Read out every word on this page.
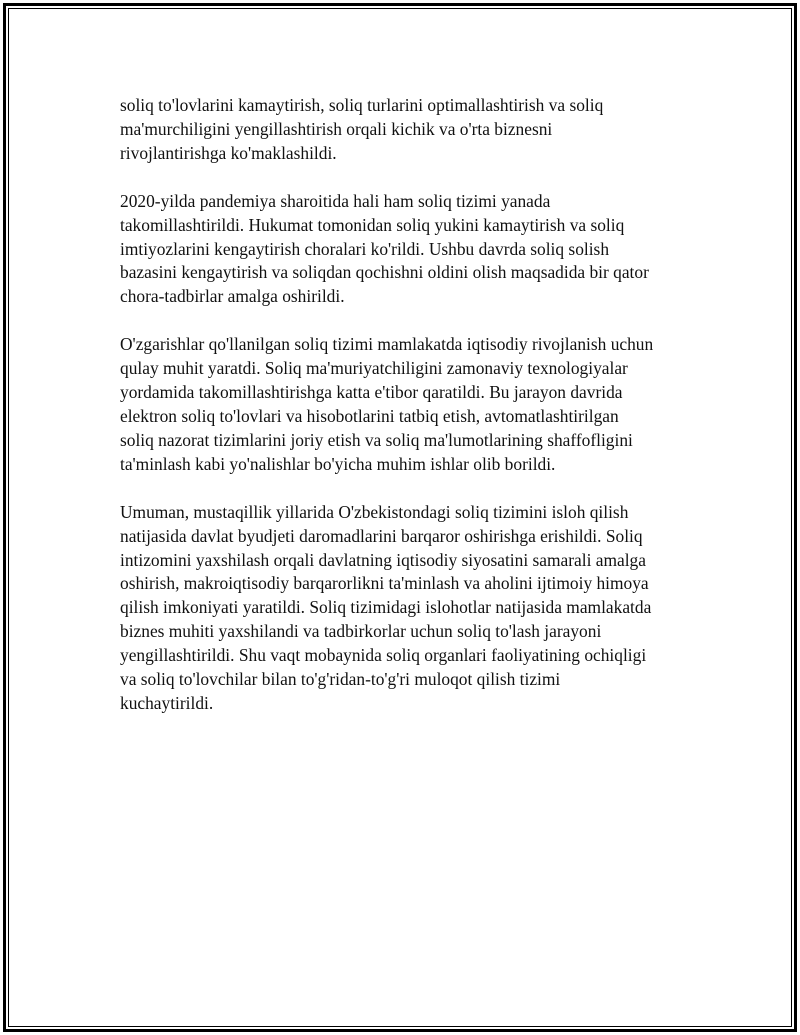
soliq to'lovlarini kamaytirish, soliq turlarini optimallashtirish va soliq
ma'murchiligini yengillashtirish orqali kichik va o'rta biznesni
rivojlantirishga ko'maklashildi.

2020-yilda pandemiya sharoitida hali ham soliq tizimi yanada
takomillashtirildi. Hukumat tomonidan soliq yukini kamaytirish va soliq
imtiyozlarini kengaytirish choralari ko'rildi. Ushbu davrda soliq solish
bazasini kengaytirish va soliqdan qochishni oldini olish maqsadida bir qator
chora-tadbirlar amalga oshirildi.

O'zgarishlar qo'llanilgan soliq tizimi mamlakatda iqtisodiy rivojlanish uchun
qulay muhit yaratdi. Soliq ma'muriyatchiligini zamonaviy texnologiyalar
yordamida takomillashtirishga katta e'tibor qaratildi. Bu jarayon davrida
elektron soliq to'lovlari va hisobotlarini tatbiq etish, avtomatlashtirilgan
soliq nazorat tizimlarini joriy etish va soliq ma'lumotlarining shaffofligini
ta'minlash kabi yo'nalishlar bo'yicha muhim ishlar olib borildi.

Umuman, mustaqillik yillarida O'zbekistondagi soliq tizimini isloh qilish
natijasida davlat byudjeti daromadlarini barqaror oshirishga erishildi. Soliq
intizomini yaxshilash orqali davlatning iqtisodiy siyosatini samarali amalga
oshirish, makroiqtisodiy barqarorlikni ta'minlash va aholini ijtimoiy himoya
qilish imkoniyati yaratildi. Soliq tizimidagi islohotlar natijasida mamlakatda
biznes muhiti yaxshilandi va tadbirkorlar uchun soliq to'lash jarayoni
yengillashtirildi. Shu vaqt mobaynida soliq organlari faoliyatining ochiqligi
va soliq to'lovchilar bilan to'g'ridan-to'g'ri muloqot qilish tizimi
kuchaytirildi.
